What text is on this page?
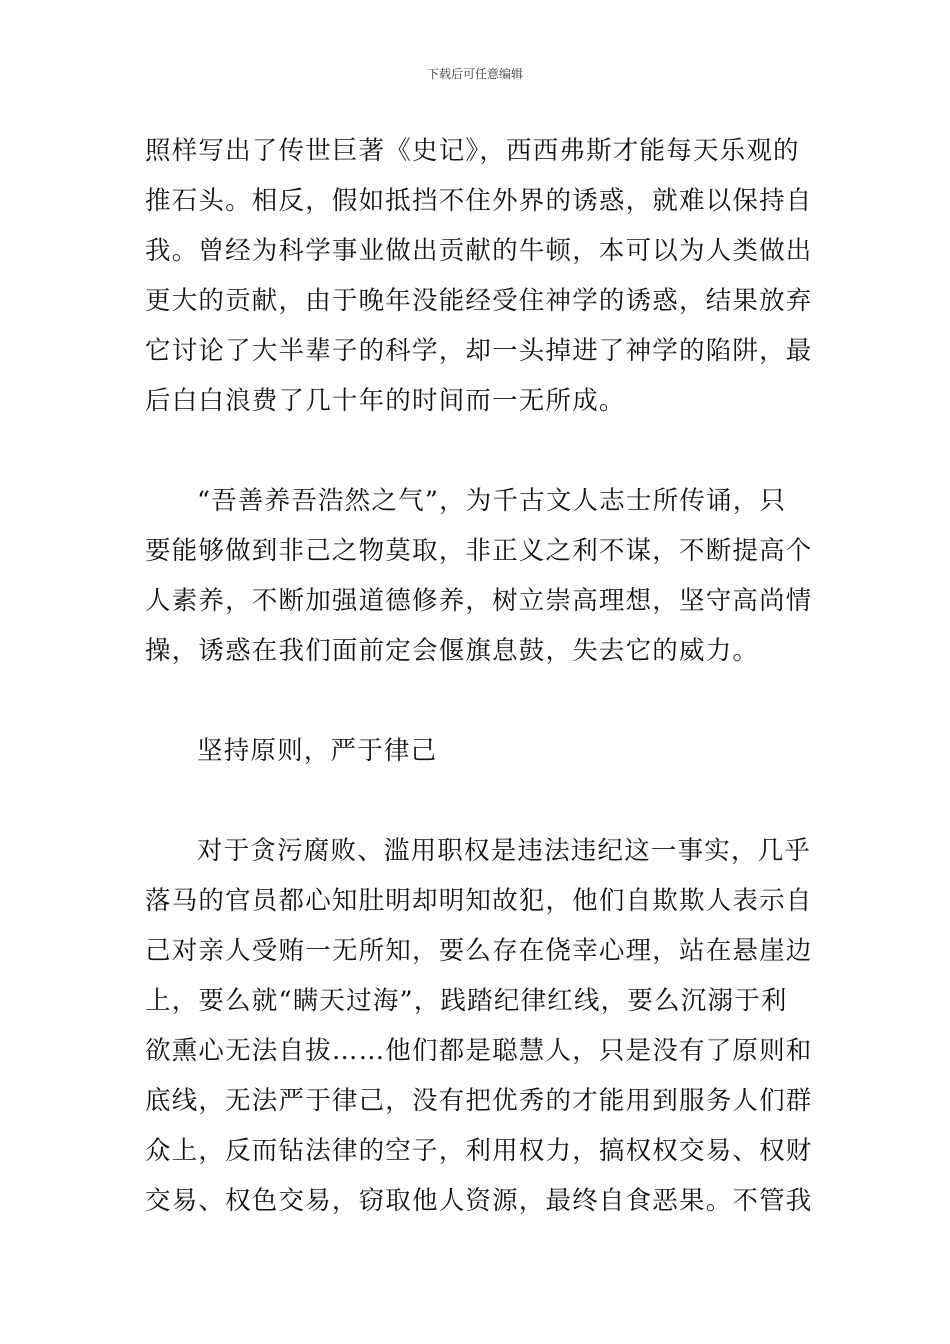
下载后可任意编辑
照样写出了传世巨著《史记》，西西弗斯才能每天乐观的
推石头。相反，假如抵挡不住外界的诱惑，就难以保持自
我。曾经为科学事业做出贡献的牛顿，本可以为人类做出
更大的贡献，由于晚年没能经受住神学的诱惑，结果放弃
它讨论了大半辈子的科学，却一头掉进了神学的陷阱，最
后白白浪费了几十年的时间而一无所成。
“吾善养吾浩然之气”，为千古文人志士所传诵，只
要能够做到非己之物莫取，非正义之利不谋，不断提高个
人素养，不断加强道德修养，树立崇高理想，坚守高尚情
操，诱惑在我们面前定会偃旗息鼓，失去它的威力。
坚持原则，严于律己
对于贪污腐败、滥用职权是违法违纪这一事实，几乎
落马的官员都心知肚明却明知故犯，他们自欺欺人表示自
己对亲人受贿一无所知，要么存在侥幸心理，站在悬崖边
上，要么就“瞒天过海”，践踏纪律红线，要么沉溺于利
欲熏心无法自拔……他们都是聪慧人，只是没有了原则和
底线，无法严于律己，没有把优秀的才能用到服务人们群
众上，反而钻法律的空子，利用权力，搞权权交易、权财
交易、权色交易，窃取他人资源，最终自食恶果。不管我
